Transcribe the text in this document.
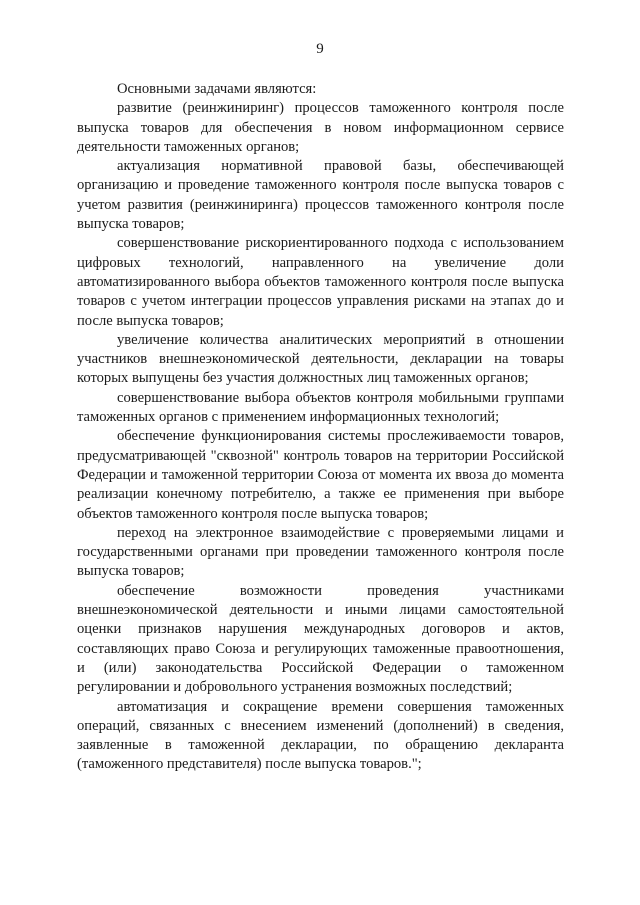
9

Основными задачами являются:

развитие (реинжиниринг) процессов таможенного контроля после выпуска товаров для обеспечения в новом информационном сервисе деятельности таможенных органов;

актуализация нормативной правовой базы, обеспечивающей организацию и проведение таможенного контроля после выпуска товаров с учетом развития (реинжиниринга) процессов таможенного контроля после выпуска товаров;

совершенствование рискориентированного подхода с использованием цифровых технологий, направленного на увеличение доли автоматизированного выбора объектов таможенного контроля после выпуска товаров с учетом интеграции процессов управления рисками на этапах до и после выпуска товаров;

увеличение количества аналитических мероприятий в отношении участников внешнеэкономической деятельности, декларации на товары которых выпущены без участия должностных лиц таможенных органов;

совершенствование выбора объектов контроля мобильными группами таможенных органов с применением информационных технологий;

обеспечение функционирования системы прослеживаемости товаров, предусматривающей "сквозной" контроль товаров на территории Российской Федерации и таможенной территории Союза от момента их ввоза до момента реализации конечному потребителю, а также ее применения при выборе объектов таможенного контроля после выпуска товаров;

переход на электронное взаимодействие с проверяемыми лицами и государственными органами при проведении таможенного контроля после выпуска товаров;

обеспечение возможности проведения участниками внешнеэкономической деятельности и иными лицами самостоятельной оценки признаков нарушения международных договоров и актов, составляющих право Союза и регулирующих таможенные правоотношения, и (или) законодательства Российской Федерации о таможенном регулировании и добровольного устранения возможных последствий;

автоматизация и сокращение времени совершения таможенных операций, связанных с внесением изменений (дополнений) в сведения, заявленные в таможенной декларации, по обращению декларанта (таможенного представителя) после выпуска товаров.";
